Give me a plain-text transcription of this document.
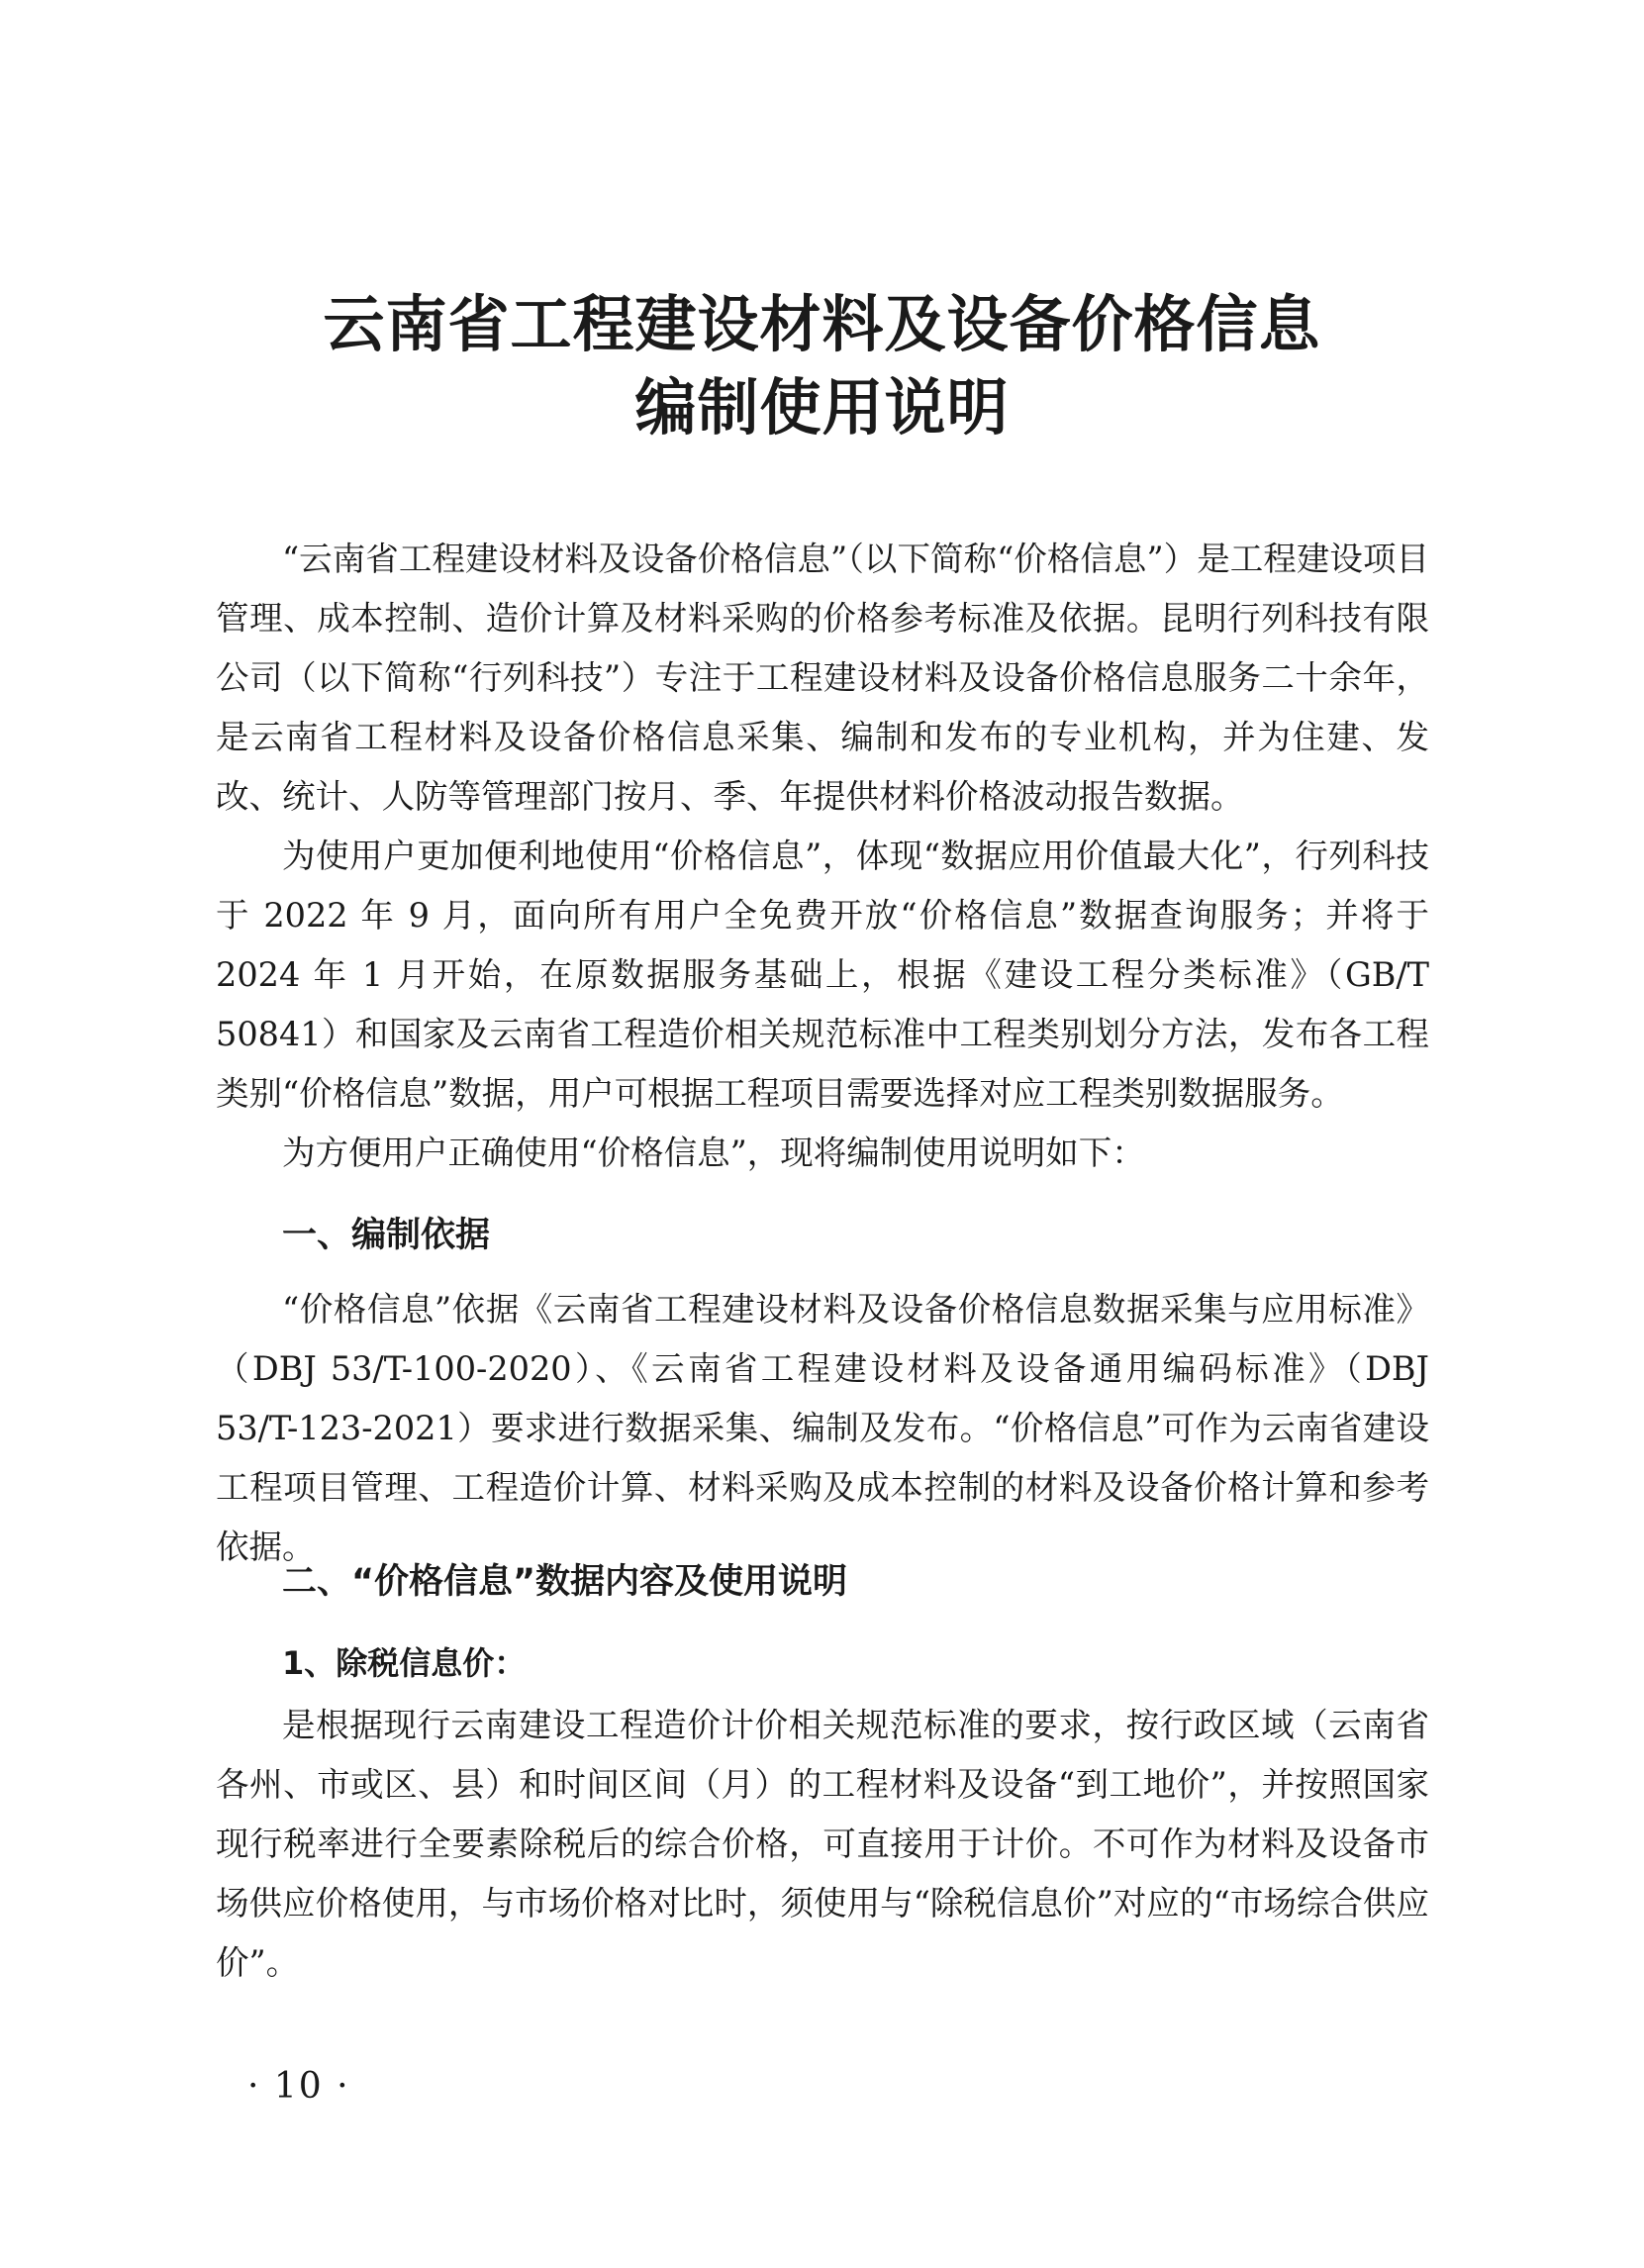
云南省工程建设材料及设备价格信息
编制使用说明

“云南省工程建设材料及设备价格信息”（以下简称“价格信息”）是工程建设项目管理、成本控制、造价计算及材料采购的价格参考标准及依据。昆明行列科技有限公司（以下简称“行列科技”）专注于工程建设材料及设备价格信息服务二十余年，是云南省工程材料及设备价格信息采集、编制和发布的专业机构，并为住建、发改、统计、人防等管理部门按月、季、年提供材料价格波动报告数据。

为使用户更加便利地使用“价格信息”，体现“数据应用价值最大化”，行列科技于 2022 年 9 月，面向所有用户全免费开放“价格信息”数据查询服务；并将于 2024 年 1 月开始，在原数据服务基础上，根据《建设工程分类标准》（GB/T 50841）和国家及云南省工程造价相关规范标准中工程类别划分方法，发布各工程类别“价格信息”数据，用户可根据工程项目需要选择对应工程类别数据服务。

为方便用户正确使用“价格信息”，现将编制使用说明如下：

一、编制依据

“价格信息”依据《云南省工程建设材料及设备价格信息数据采集与应用标准》（DBJ 53/T-100-2020）、《云南省工程建设材料及设备通用编码标准》（DBJ 53/T-123-2021）要求进行数据采集、编制及发布。“价格信息”可作为云南省建设工程项目管理、工程造价计算、材料采购及成本控制的材料及设备价格计算和参考依据。

二、“价格信息”数据内容及使用说明
1、除税信息价：

是根据现行云南建设工程造价计价相关规范标准的要求，按行政区域（云南省各州、市或区、县）和时间区间（月）的工程材料及设备“到工地价”，并按照国家现行税率进行全要素除税后的综合价格，可直接用于计价。不可作为材料及设备市场供应价格使用，与市场价格对比时，须使用与“除税信息价”对应的“市场综合供应价”。

· 10 ·
